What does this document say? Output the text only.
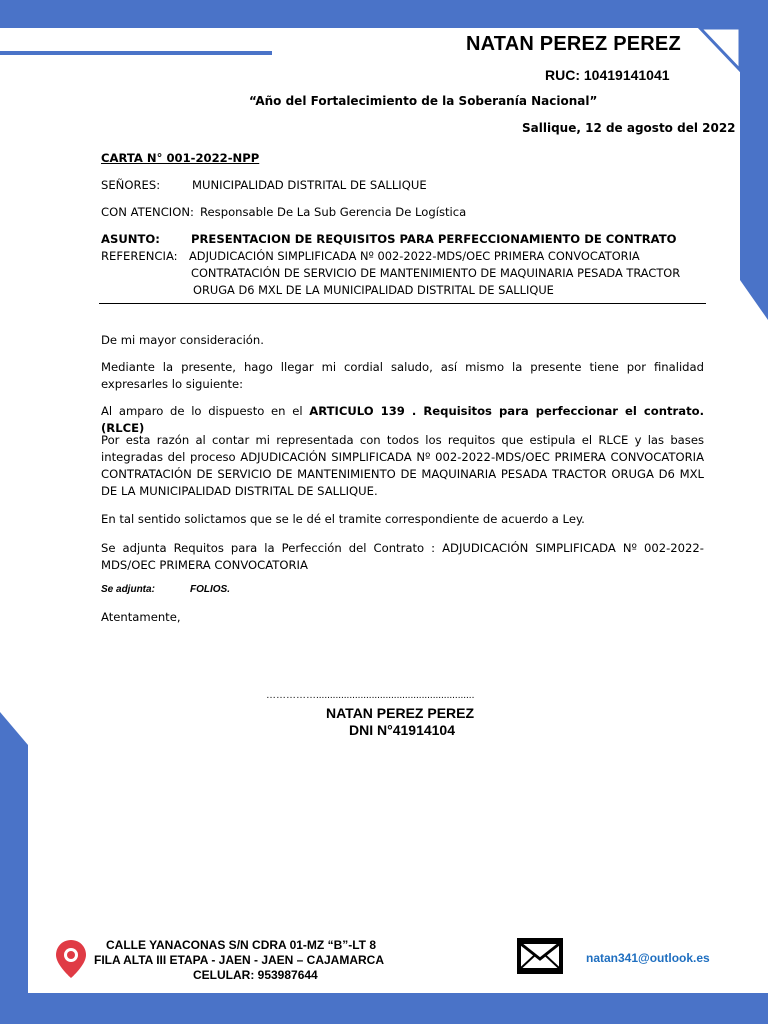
NATAN PEREZ PEREZ
RUC: 10419141041
“Año del Fortalecimiento de la Soberanía Nacional”
Sallique, 12 de agosto del 2022
CARTA N° 001-2022-NPP
SEÑORES:	MUNICIPALIDAD DISTRITAL DE SALLIQUE
CON ATENCION: Responsable De La Sub Gerencia De Logística
ASUNTO:	PRESENTACION DE REQUISITOS PARA PERFECCIONAMIENTO DE CONTRATO
REFERENCIA: ADJUDICACIÓN SIMPLIFICADA Nº 002-2022-MDS/OEC PRIMERA CONVOCATORIA
CONTRATACIÓN DE SERVICIO DE MANTENIMIENTO DE MAQUINARIA PESADA TRACTOR
ORUGA D6 MXL DE LA MUNICIPALIDAD DISTRITAL DE SALLIQUE
De mi mayor consideración.
Mediante la presente, hago llegar mi cordial saludo, así mismo la presente tiene por finalidad expresarles lo siguiente:
Al amparo de lo dispuesto en el ARTICULO 139 . Requisitos para perfeccionar el contrato. (RLCE)
Por esta razón al contar mi representada con todos los requitos que estipula el RLCE y las bases integradas del proceso ADJUDICACIÓN SIMPLIFICADA Nº 002-2022-MDS/OEC PRIMERA CONVOCATORIA CONTRATACIÓN DE SERVICIO DE MANTENIMIENTO DE MAQUINARIA PESADA TRACTOR ORUGA D6 MXL DE LA MUNICIPALIDAD DISTRITAL DE SALLIQUE.
En tal sentido solictamos que se le dé el tramite correspondiente de acuerdo a Ley.
Se adjunta Requitos para la Perfección del Contrato : ADJUDICACIÓN SIMPLIFICADA Nº 002-2022-MDS/OEC PRIMERA CONVOCATORIA
Se adjunta:	FOLIOS.
Atentamente,
…………….........................................................
NATAN PEREZ PEREZ
DNI N°41914104
CALLE YANACONAS S/N CDRA 01-MZ “B”-LT 8
FILA ALTA III ETAPA - JAEN - JAEN – CAJAMARCA
CELULAR: 953987644
natan341@outlook.es
